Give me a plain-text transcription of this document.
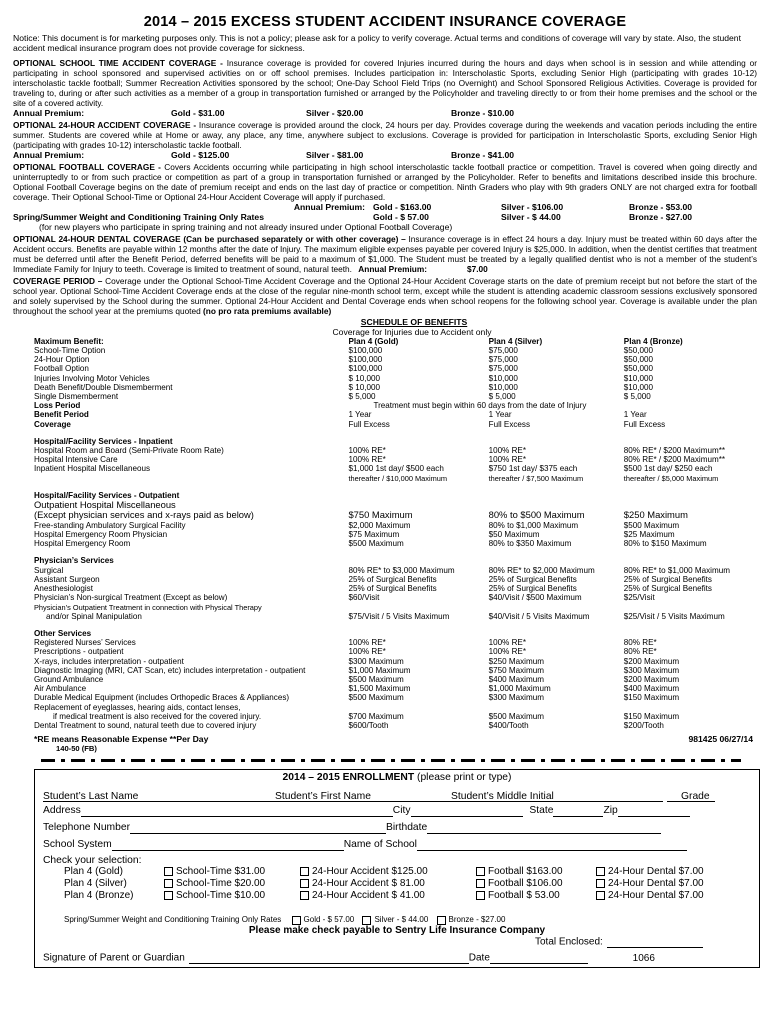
2014 – 2015 EXCESS STUDENT ACCIDENT INSURANCE COVERAGE

Notice: This document is for marketing purposes only. This is not a policy; please ask for a policy to verify coverage. Actual terms and conditions of coverage will vary by state. Also, the student accident medical insurance program does not provide coverage for sickness.

OPTIONAL SCHOOL TIME ACCIDENT COVERAGE - Insurance coverage is provided for covered Injuries incurred during the hours and days when school is in session and while attending or participating in school sponsored and supervised activities on or off school premises. Includes participation in: Interscholastic Sports, excluding Senior High (participating with grades 10-12) interscholastic tackle football; Summer Recreation Activities sponsored by the school; One-Day School Field Trips (no Overnight) and School Sponsored Religious Activities. Coverage is provided for traveling to, during or after such activities as a member of a group in transportation furnished or arranged by the Policyholder and traveling directly to or from their home premises and the school or the site of a covered activity.

Annual Premium:	Gold - $31.00	Silver - $20.00	Bronze - $10.00

OPTIONAL 24-HOUR ACCIDENT COVERAGE - Insurance coverage is provided around the clock, 24 hours per day. Provides coverage during the weekends and vacation periods including the entire summer. Students are covered while at Home or away, any place, any time, anywhere subject to exclusions. Coverage is provided for participation in Interscholastic Sports, excluding Senior High (participating with grades 10-12) interscholastic tackle football.

Annual Premium:	Gold - $125.00	Silver - $81.00	Bronze - $41.00

OPTIONAL FOOTBALL COVERAGE - Covers Accidents occurring while participating in high school interscholastic tackle football practice or competition. Travel is covered when going directly and uninterruptedly to or from such practice or competition as part of a group in transportation furnished or arranged by the Policyholder. Refer to benefits and limitations described inside this brochure. Optional Football Coverage begins on the date of premium receipt and ends on the last day of practice or competition. Ninth Graders who play with 9th graders ONLY are not charged extra for football coverage. Their Optional School-Time or Optional 24-Hour Accident Coverage will apply if purchased.

Annual Premium: Gold - $163.00	Silver - $106.00	Bronze - $53.00
Spring/Summer Weight and Conditioning Training Only Rates	Gold - $ 57.00	Silver - $ 44.00	Bronze - $27.00

(for new players who participate in spring training and not already insured under Optional Football Coverage)

OPTIONAL 24-HOUR DENTAL COVERAGE (Can be purchased separately or with other coverage) – Insurance coverage is in effect 24 hours a day. Injury must be treated within 60 days after the Accident occurs. Benefits are payable within 12 months after the date of Injury. The maximum eligible expenses payable per covered Injury is $25,000. In addition, when the dentist certifies that treatment must be deferred until after the Benefit Period, deferred benefits will be paid to a maximum of $1,000. The Student must be treated by a legally qualified dentist who is not a member of the student’s Immediate Family for Injury to teeth. Coverage is limited to treatment of sound, natural teeth. Annual Premium:	$7.00

COVERAGE PERIOD – Coverage under the Optional School-Time Accident Coverage and the Optional 24-Hour Accident Coverage starts on the date of premium receipt but not before the start of the school year. Optional School-Time Accident Coverage ends at the close of the regular nine-month school term, except while the student is attending academic classroom sessions exclusively sponsored and solely supervised by the School during the summer. Optional 24-Hour Accident and Dental Coverage ends when school reopens for the following school year. Coverage is available under the plan throughout the school year at the premiums quoted (no pro rata premiums available)

SCHEDULE OF BENEFITS
Coverage for Injuries due to Accident only
Maximum Benefit:	Plan 4 (Gold)	Plan 4 (Silver)	Plan 4 (Bronze)
School-Time Option	$100,000	$75,000	$50,000
24-Hour Option	$100,000	$75,000	$50,000
Football Option	$100,000	$75,000	$50,000
Injuries Involving Motor Vehicles	$ 10,000	$10,000	$10,000
Death Benefit/Double Dismemberment	$ 10,000	$10,000	$10,000
Single Dismemberment	$ 5,000	$ 5,000	$ 5,000
Loss Period	Treatment must begin within 60 days from the date of Injury		
Benefit Period	1 Year	1 Year	1 Year
Coverage	Full Excess	Full Excess	Full Excess

Hospital/Facility Services - Inpatient			
Hospital Room and Board (Semi-Private Room Rate)	100% RE*	100% RE*	80% RE* / $200 Maximum**
Hospital Intensive Care	100% RE*	100% RE*	80% RE* / $200 Maximum**
Inpatient Hospital Miscellaneous	$1,000 1st day/ $500 each	$750 1st day/ $375 each	$500 1st day/ $250 each
	thereafter / $10,000 Maximum	thereafter / $7,500 Maximum	thereafter / $5,000 Maximum

Hospital/Facility Services - Outpatient			
Outpatient Hospital Miscellaneous			
(Except physician services and x-rays paid as below)	$750 Maximum	80% to $500 Maximum	$250 Maximum
Free-standing Ambulatory Surgical Facility	$2,000 Maximum	80% to $1,000 Maximum	$500 Maximum
Hospital Emergency Room Physician	$75 Maximum	$50 Maximum	$25 Maximum
Hospital Emergency Room	$500 Maximum	80% to $350 Maximum	80% to $150 Maximum

Physician’s Services			
Surgical	80% RE* to $3,000 Maximum	80% RE* to $2,000 Maximum	80% RE* to $1,000 Maximum
Assistant Surgeon	25% of Surgical Benefits	25% of Surgical Benefits	25% of Surgical Benefits
Anesthesiologist	25% of Surgical Benefits	25% of Surgical Benefits	25% of Surgical Benefits
Physician’s Non-surgical Treatment (Except as below)	$60/Visit	$40/Visit / $500 Maximum	$25/Visit
Physician’s Outpatient Treatment in connection with Physical Therapy			
and/or Spinal Manipulation	$75/Visit / 5 Visits Maximum	$40/Visit / 5 Visits Maximum	$25/Visit / 5 Visits Maximum

Other Services			
Registered Nurses’ Services	100% RE*	100% RE*	80% RE*
Prescriptions - outpatient	100% RE*	100% RE*	80% RE*
X-rays, includes interpretation - outpatient	$300 Maximum	$250 Maximum	$200 Maximum
Diagnostic Imaging (MRI, CAT Scan, etc) includes interpretation - outpatient	$1,000 Maximum	$750 Maximum	$300 Maximum
Ground Ambulance	$500 Maximum	$400 Maximum	$200 Maximum
Air Ambulance	$1,500 Maximum	$1,000 Maximum	$400 Maximum
Durable Medical Equipment (includes Orthopedic Braces & Appliances)	$500 Maximum	$300 Maximum	$150 Maximum
Replacement of eyeglasses, hearing aids, contact lenses,			
if medical treatment is also received for the covered injury.	$700 Maximum	$500 Maximum	$150 Maximum
Dental Treatment to sound, natural teeth due to covered injury	$600/Tooth	$400/Tooth	$200/Tooth
*RE means Reasonable Expense **Per Day	981425 06/27/14
140-50 (FB)
2014 – 2015 ENROLLMENT (please print or type)
Student’s Last Name	Student’s First Name	Student’s Middle Initial	Grade
Address	City	State	Zip
Telephone Number	Birthdate
School System	Name of School
Check your selection:
Plan 4 (Gold)	School-Time $31.00	24-Hour Accident $125.00	Football $163.00	24-Hour Dental $7.00
Plan 4 (Silver)	School-Time $20.00	24-Hour Accident $ 81.00	Football $106.00	24-Hour Dental $7.00
Plan 4 (Bronze)	School-Time $10.00	24-Hour Accident $ 41.00	Football $ 53.00	24-Hour Dental $7.00
Spring/Summer Weight and Conditioning Training Only Rates	Gold - $ 57.00	Silver - $ 44.00	Bronze - $27.00
Please make check payable to Sentry Life Insurance Company
Total Enclosed:
Signature of Parent or Guardian	Date	1066
